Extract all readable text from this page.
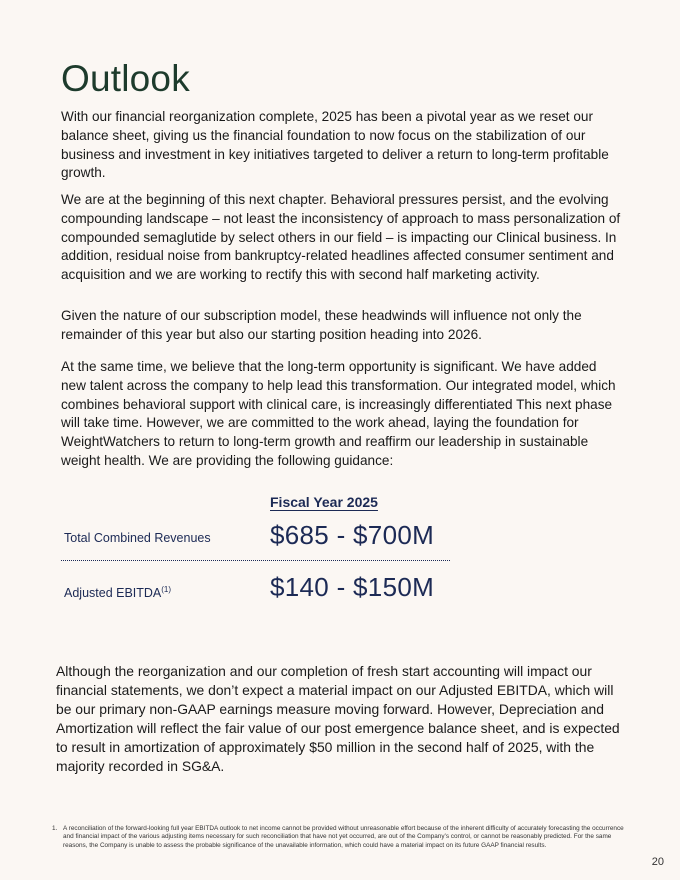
Outlook

With our financial reorganization complete, 2025 has been a pivotal year as we reset our balance sheet, giving us the financial foundation to now focus on the stabilization of our business and investment in key initiatives targeted to deliver a return to long-term profitable growth.

We are at the beginning of this next chapter. Behavioral pressures persist, and the evolving compounding landscape – not least the inconsistency of approach to mass personalization of compounded semaglutide by select others in our field – is impacting our Clinical business. In addition, residual noise from bankruptcy-related headlines affected consumer sentiment and acquisition and we are working to rectify this with second half marketing activity.

Given the nature of our subscription model, these headwinds will influence not only the remainder of this year but also our starting position heading into 2026.

At the same time, we believe that the long-term opportunity is significant. We have added new talent across the company to help lead this transformation. Our integrated model, which combines behavioral support with clinical care, is increasingly differentiated This next phase will take time. However, we are committed to the work ahead, laying the foundation for WeightWatchers to return to long-term growth and reaffirm our leadership in sustainable weight health. We are providing the following guidance:

Fiscal Year 2025
Total Combined Revenues $685 - $700M
Adjusted EBITDA$^{(1)}$	$140 - $150M

Although the reorganization and our completion of fresh start accounting will impact our financial statements, we don’t expect a material impact on our Adjusted EBITDA, which will be our primary non-GAAP earnings measure moving forward. However, Depreciation and Amortization will reflect the fair value of our post emergence balance sheet, and is expected to result in amortization of approximately $50 million in the second half of 2025, with the majority recorded in SG&A.

1. A reconciliation of the forward-looking full year EBITDA outlook to net income cannot be provided without unreasonable effort because of the inherent difficulty of accurately forecasting the occurrence and financial impact of the various adjusting items necessary for such reconciliation that have not yet occurred, are out of the Company’s control, or cannot be reasonably predicted. For the same reasons, the Company is unable to assess the probable significance of the unavailable information, which could have a material impact on its future GAAP financial results.
20
